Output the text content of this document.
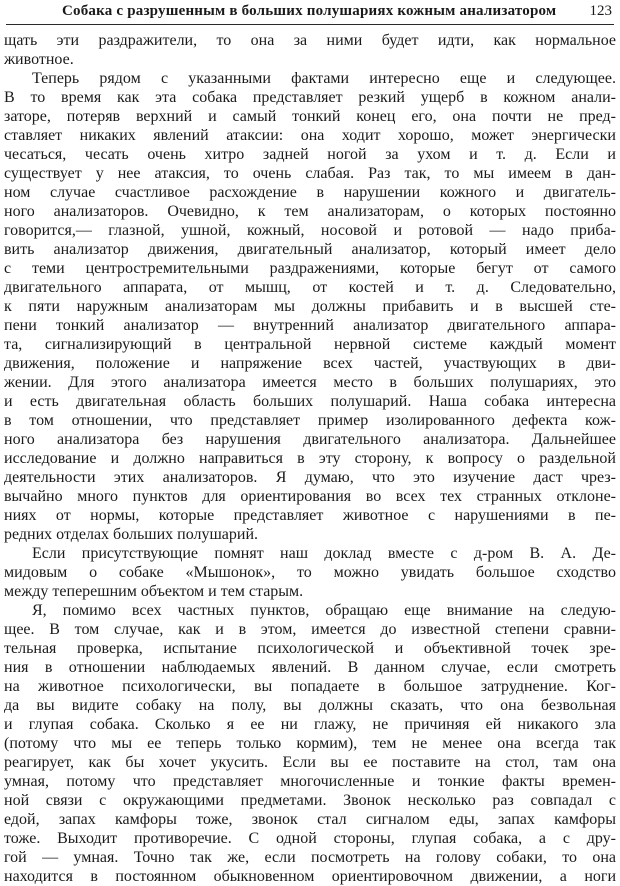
Собака с разрушенным в больших полушариях кожным анализатором 123
щать эти раздражители, то она за ними будет идти, как нормальное
животное.
Теперь рядом с указанными фактами интересно еще и следующее.
В то время как эта собака представляет резкий ущерб в кожном анали-
заторе, потеряв верхний и самый тонкий конец его, она почти не пред-
ставляет никаких явлений атаксии: она ходит хорошо, может энергически
чесаться, чесать очень хитро задней ногой за ухом и т. д. Если и
существует у нее атаксия, то очень слабая. Раз так, то мы имеем в дан-
ном случае счастливое расхождение в нарушении кожного и двигатель-
ного анализаторов. Очевидно, к тем анализаторам, о которых постоянно
говорится,— глазной, ушной, кожный, носовой и ротовой — надо приба-
вить анализатор движения, двигательный анализатор, который имеет дело
с теми центростремительными раздражениями, которые бегут от самого
двигательного аппарата, от мышц, от костей и т. д. Следовательно,
к пяти наружным анализаторам мы должны прибавить и в высшей сте-
пени тонкий анализатор — внутренний анализатор двигательного аппара-
та, сигнализирующий в центральной нервной системе каждый момент
движения, положение и напряжение всех частей, участвующих в дви-
жении. Для этого анализатора имеется место в больших полушариях, это
и есть двигательная область больших полушарий. Наша собака интересна
в том отношении, что представляет пример изолированного дефекта кож-
ного анализатора без нарушения двигательного анализатора. Дальнейшее
исследование и должно направиться в эту сторону, к вопросу о раздельной
деятельности этих анализаторов. Я думаю, что это изучение даст чрез-
вычайно много пунктов для ориентирования во всех тех странных отклоне-
ниях от нормы, которые представляет животное с нарушениями в пе-
редних отделах больших полушарий.
Если присутствующие помнят наш доклад вместе с д-ром В. А. Де-
мидовым о собаке «Мышонок», то можно увидать большое сходство
между теперешним объектом и тем старым.
Я, помимо всех частных пунктов, обращаю еще внимание на следую-
щее. В том случае, как и в этом, имеется до известной степени сравни-
тельная проверка, испытание психологической и объективной точек зре-
ния в отношении наблюдаемых явлений. В данном случае, если смотреть
на животное психологически, вы попадаете в большое затруднение. Ког-
да вы видите собаку на полу, вы должны сказать, что она безвольная
и глупая собака. Сколько я ее ни глажу, не причиняя ей никакого зла
(потому что мы ее теперь только кормим), тем не менее она всегда так
реагирует, как бы хочет укусить. Если вы ее поставите на стол, там она
умная, потому что представляет многочисленные и тонкие факты времен-
ной связи с окружающими предметами. Звонок несколько раз совпадал с
едой, запах камфоры тоже, звонок стал сигналом еды, запах камфоры
тоже. Выходит противоречие. С одной стороны, глупая собака, а с дру-
гой — умная. Точно так же, если посмотреть на голову собаки, то она
находится в постоянном обыкновенном ориентировочном движении, а ноги
